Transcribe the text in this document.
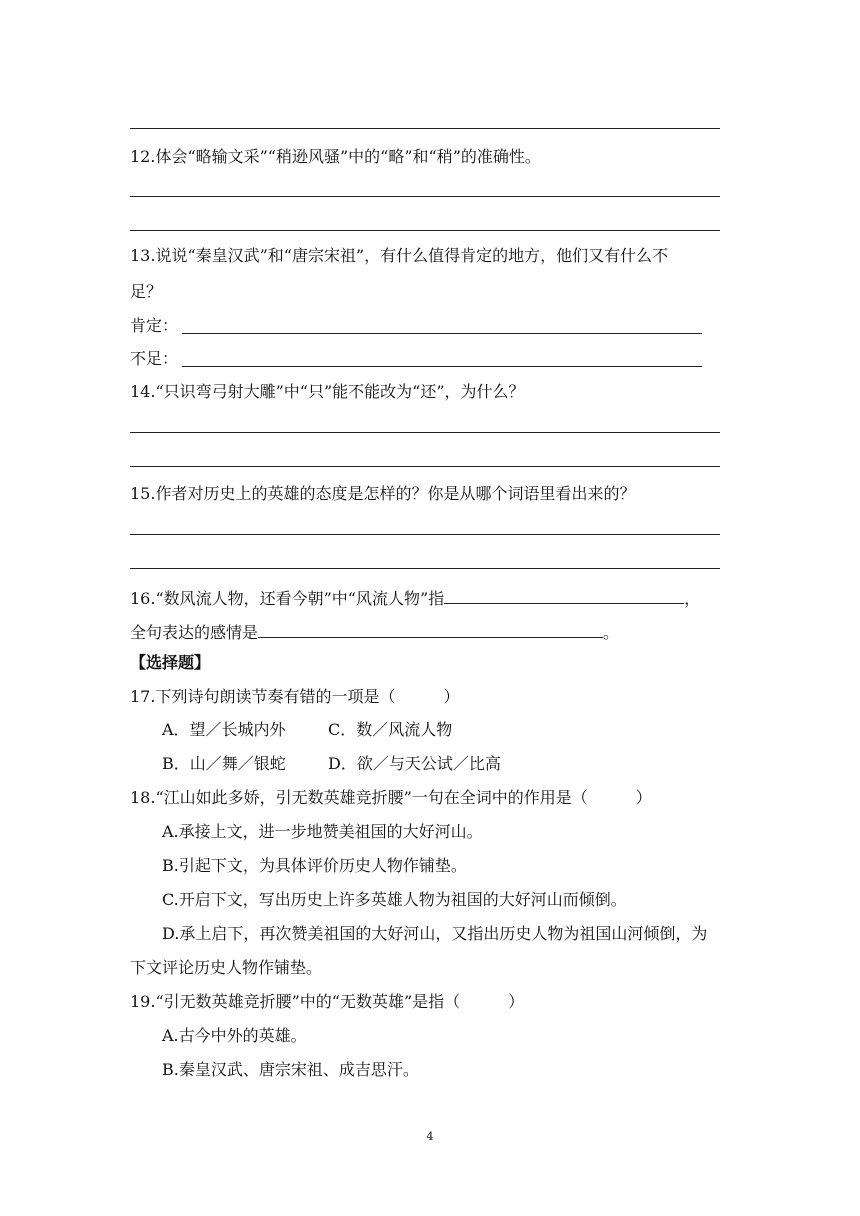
12.体会“略输文采”“稍逊风骚”中的“略”和“稍”的准确性。
13.说说“秦皇汉武”和“唐宗宋祖”，有什么值得肯定的地方，他们又有什么不
足？
肯定：
不足：
14.“只识弯弓射大雕”中“只”能不能改为“还”，为什么？
15.作者对历史上的英雄的态度是怎样的？你是从哪个词语里看出来的？
16.“数风流人物，还看今朝”中“风流人物”指	，
全句表达的感情是	。
【选择题】
17.下列诗句朗读节奏有错的一项是（　　　）
A．望／长城内外	C．数／风流人物
B．山／舞／银蛇	D．欲／与天公试／比高
18.“江山如此多娇，引无数英雄竞折腰”一句在全词中的作用是（　　　）
A.承接上文，进一步地赞美祖国的大好河山。
B.引起下文，为具体评价历史人物作铺垫。
C.开启下文，写出历史上许多英雄人物为祖国的大好河山而倾倒。
D.承上启下，再次赞美祖国的大好河山，又指出历史人物为祖国山河倾倒，为
下文评论历史人物作铺垫。
19.“引无数英雄竞折腰”中的“无数英雄”是指（　　　）
A.古今中外的英雄。
B.秦皇汉武、唐宗宋祖、成吉思汗。
4
